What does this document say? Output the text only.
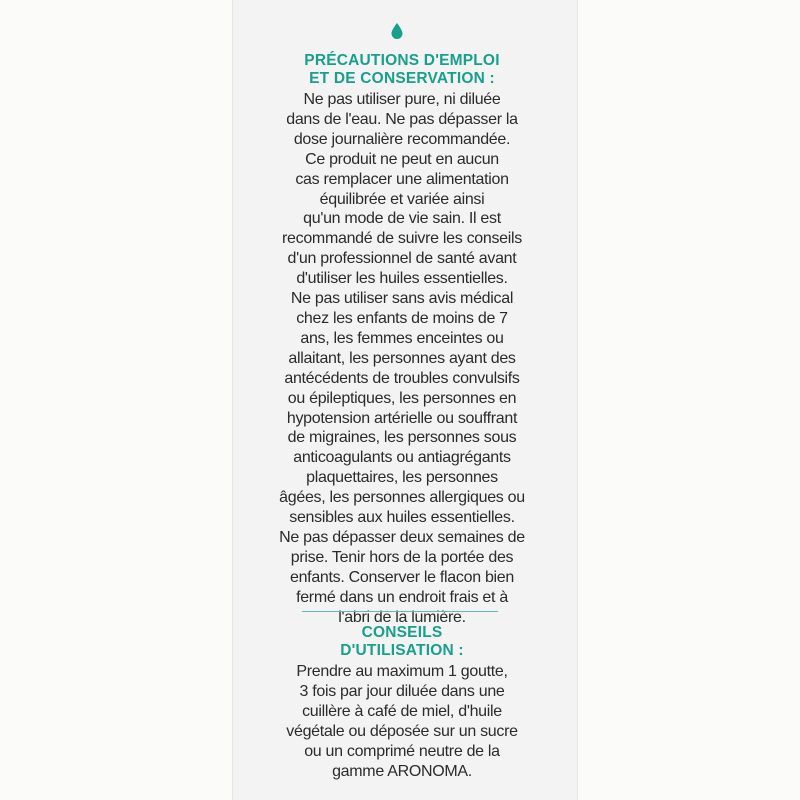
PRÉCAUTIONS D'EMPLOI
ET DE CONSERVATION :

Ne pas utiliser pure, ni diluée
dans de l'eau. Ne pas dépasser la
dose journalière recommandée.
Ce produit ne peut en aucun
cas remplacer une alimentation
équilibrée et variée ainsi
qu'un mode de vie sain. Il est
recommandé de suivre les conseils
d'un professionnel de santé avant
d'utiliser les huiles essentielles.
Ne pas utiliser sans avis médical
chez les enfants de moins de 7
ans, les femmes enceintes ou
allaitant, les personnes ayant des
antécédents de troubles convulsifs
ou épileptiques, les personnes en
hypotension artérielle ou souffrant
de migraines, les personnes sous
anticoagulants ou antiagrégants
plaquettaires, les personnes
âgées, les personnes allergiques ou
sensibles aux huiles essentielles.
Ne pas dépasser deux semaines de
prise. Tenir hors de la portée des
enfants. Conserver le flacon bien
fermé dans un endroit frais et à
l'abri de la lumière.

CONSEILS
D'UTILISATION :

Prendre au maximum 1 goutte,
3 fois par jour diluée dans une
cuillère à café de miel, d'huile
végétale ou déposée sur un sucre
ou un comprimé neutre de la
gamme ARONOMA.
